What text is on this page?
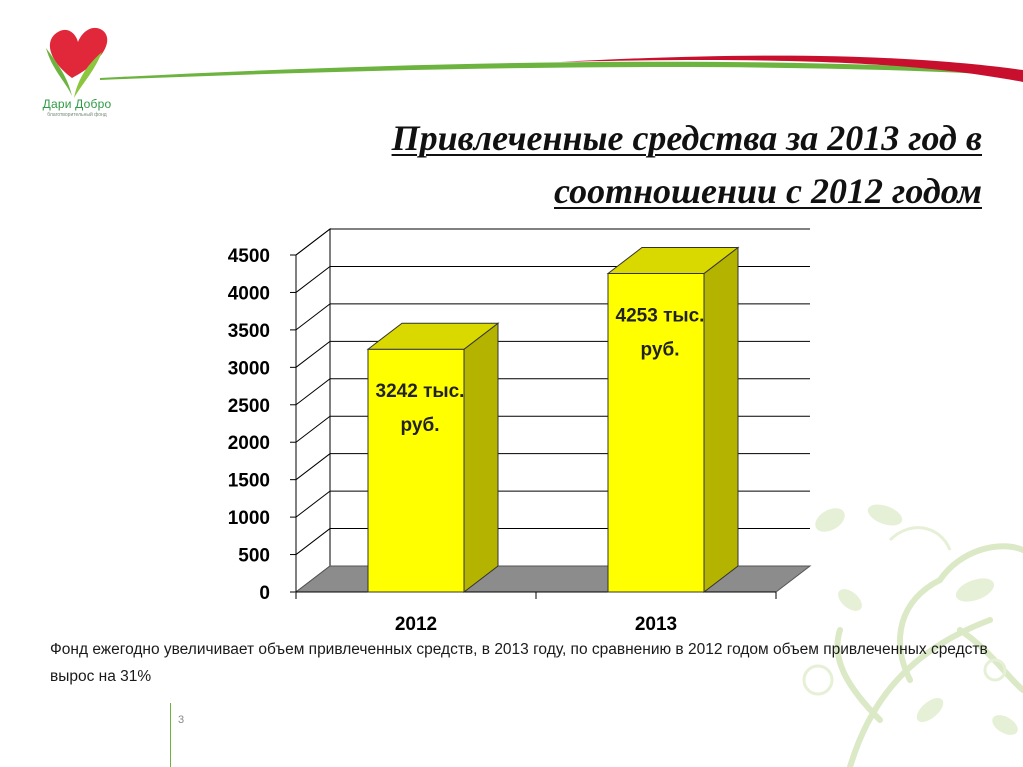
Дари Добро
благотворительный фонд
Привлеченные средства за 2013 год в
соотношении с 2012 годом
0
500
1000
1500
2000
2500
3000
3500
4000
4500
3242 тыс.
руб.
2012
4253 тыс.
руб.
2013
Фонд ежегодно увеличивает объем привлеченных средств, в 2013 году, по сравнению в 2012 годом объем привлеченных средств вырос на 31%
3
